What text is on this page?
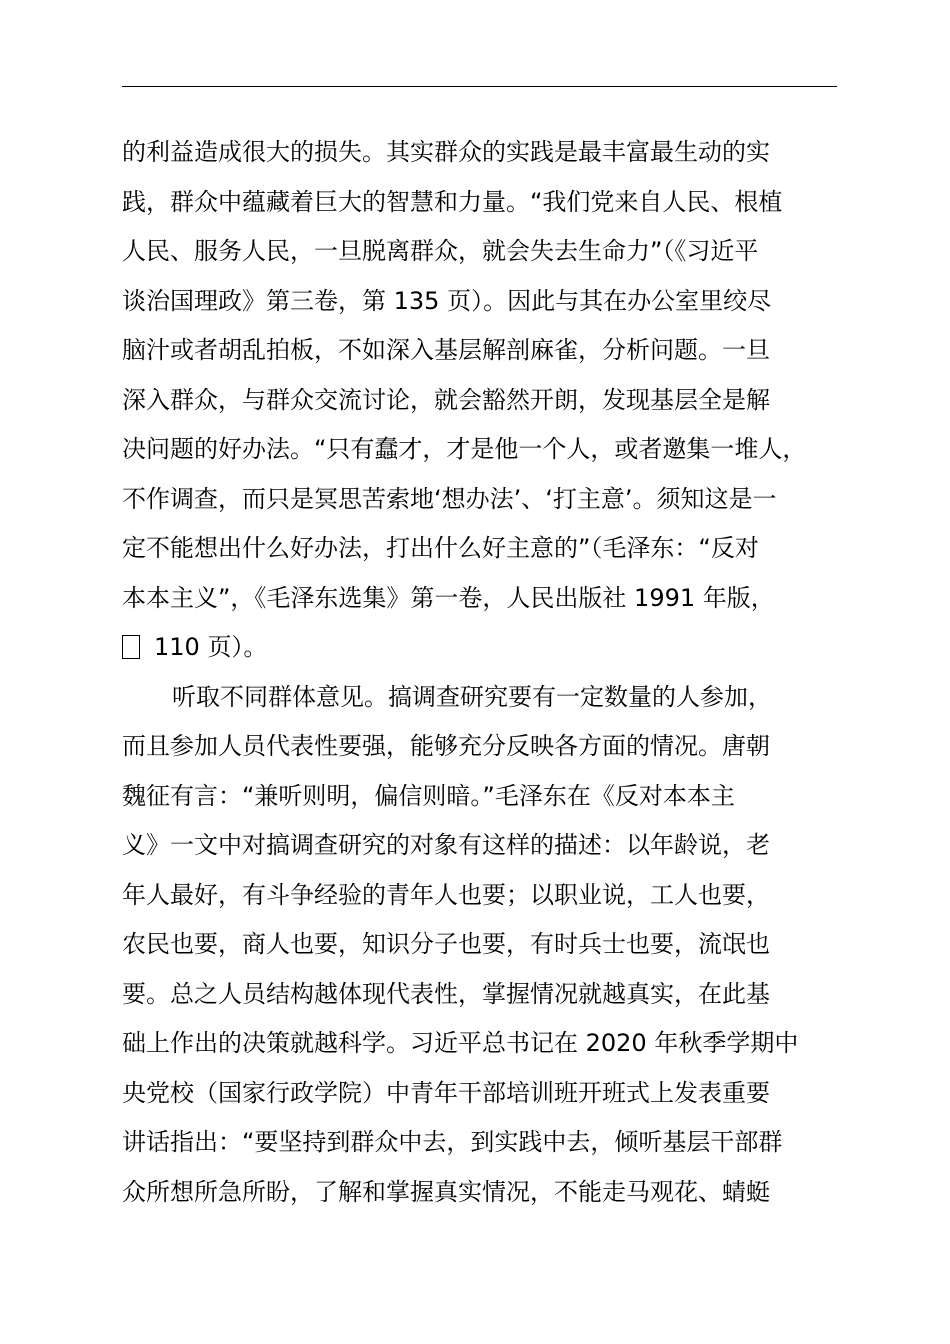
的利益造成很大的损失。其实群众的实践是最丰富最生动的实
践，群众中蕴藏着巨大的智慧和力量。“我们党来自人民、根植
人民、服务人民，一旦脱离群众，就会失去生命力”（《习近平
谈治国理政》第三卷，第 135 页）。因此与其在办公室里绞尽
脑汁或者胡乱拍板，不如深入基层解剖麻雀，分析问题。一旦
深入群众，与群众交流讨论，就会豁然开朗，发现基层全是解
决问题的好办法。“只有蠢才，才是他一个人，或者邀集一堆人，
不作调查，而只是冥思苦索地‘想办法’、‘打主意’。须知这是一
定不能想出什么好办法，打出什么好主意的”（毛泽东：“反对
本本主义”，《毛泽东选集》第一卷，人民出版社 1991 年版，
110 页）。
听取不同群体意见。搞调查研究要有一定数量的人参加，
而且参加人员代表性要强，能够充分反映各方面的情况。唐朝
魏征有言：“兼听则明，偏信则暗。”毛泽东在《反对本本主
义》一文中对搞调查研究的对象有这样的描述：以年龄说，老
年人最好，有斗争经验的青年人也要；以职业说，工人也要，
农民也要，商人也要，知识分子也要，有时兵士也要，流氓也
要。总之人员结构越体现代表性，掌握情况就越真实，在此基
础上作出的决策就越科学。习近平总书记在 2020 年秋季学期中
央党校（国家行政学院）中青年干部培训班开班式上发表重要
讲话指出：“要坚持到群众中去，到实践中去，倾听基层干部群
众所想所急所盼，了解和掌握真实情况，不能走马观花、蜻蜓
